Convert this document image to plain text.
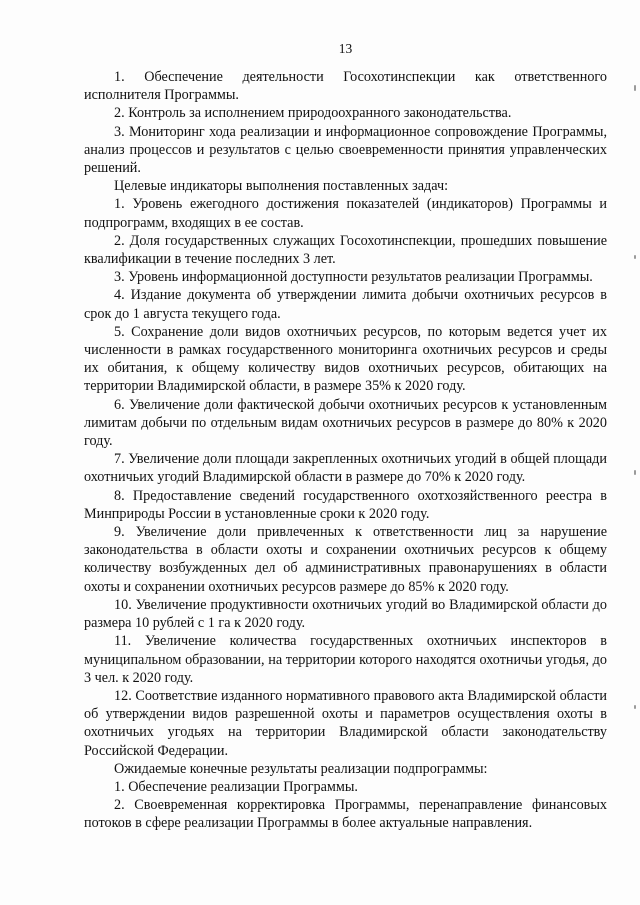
13

1. Обеспечение деятельности Госохотинспекции как ответственного исполнителя Программы.

2. Контроль за исполнением природоохранного законодательства.

3. Мониторинг хода реализации и информационное сопровождение Программы, анализ процессов и результатов с целью своевременности принятия управленческих решений.

Целевые индикаторы выполнения поставленных задач:

1. Уровень ежегодного достижения показателей (индикаторов) Программы и подпрограмм, входящих в ее состав.

2. Доля государственных служащих Госохотинспекции, прошедших повышение квалификации в течение последних 3 лет.

3. Уровень информационной доступности результатов реализации Программы.

4. Издание документа об утверждении лимита добычи охотничьих ресурсов в срок до 1 августа текущего года.

5. Сохранение доли видов охотничьих ресурсов, по которым ведется учет их численности в рамках государственного мониторинга охотничьих ресурсов и среды их обитания, к общему количеству видов охотничьих ресурсов, обитающих на территории Владимирской области, в размере 35% к 2020 году.

6. Увеличение доли фактической добычи охотничьих ресурсов к установленным лимитам добычи по отдельным видам охотничьих ресурсов в размере до 80% к 2020 году.

7. Увеличение доли площади закрепленных охотничьих угодий в общей площади охотничьих угодий Владимирской области в размере до 70% к 2020 году.

8. Предоставление сведений государственного охотхозяйственного реестра в Минприроды России в установленные сроки к 2020 году.

9. Увеличение доли привлеченных к ответственности лиц за нарушение законодательства в области охоты и сохранении охотничьих ресурсов к общему количеству возбужденных дел об административных правонарушениях в области охоты и сохранении охотничьих ресурсов размере до 85% к 2020 году.

10. Увеличение продуктивности охотничьих угодий во Владимирской области до размера 10 рублей с 1 га к 2020 году.

11. Увеличение количества государственных охотничьих инспекторов в муниципальном образовании, на территории которого находятся охотничьи угодья, до 3 чел. к 2020 году.

12. Соответствие изданного нормативного правового акта Владимирской области об утверждении видов разрешенной охоты и параметров осуществления охоты в охотничьих угодьях на территории Владимирской области законодательству Российской Федерации.

Ожидаемые конечные результаты реализации подпрограммы:

1. Обеспечение реализации Программы.

2. Своевременная корректировка Программы, перенаправление финансовых потоков в сфере реализации Программы в более актуальные направления.
